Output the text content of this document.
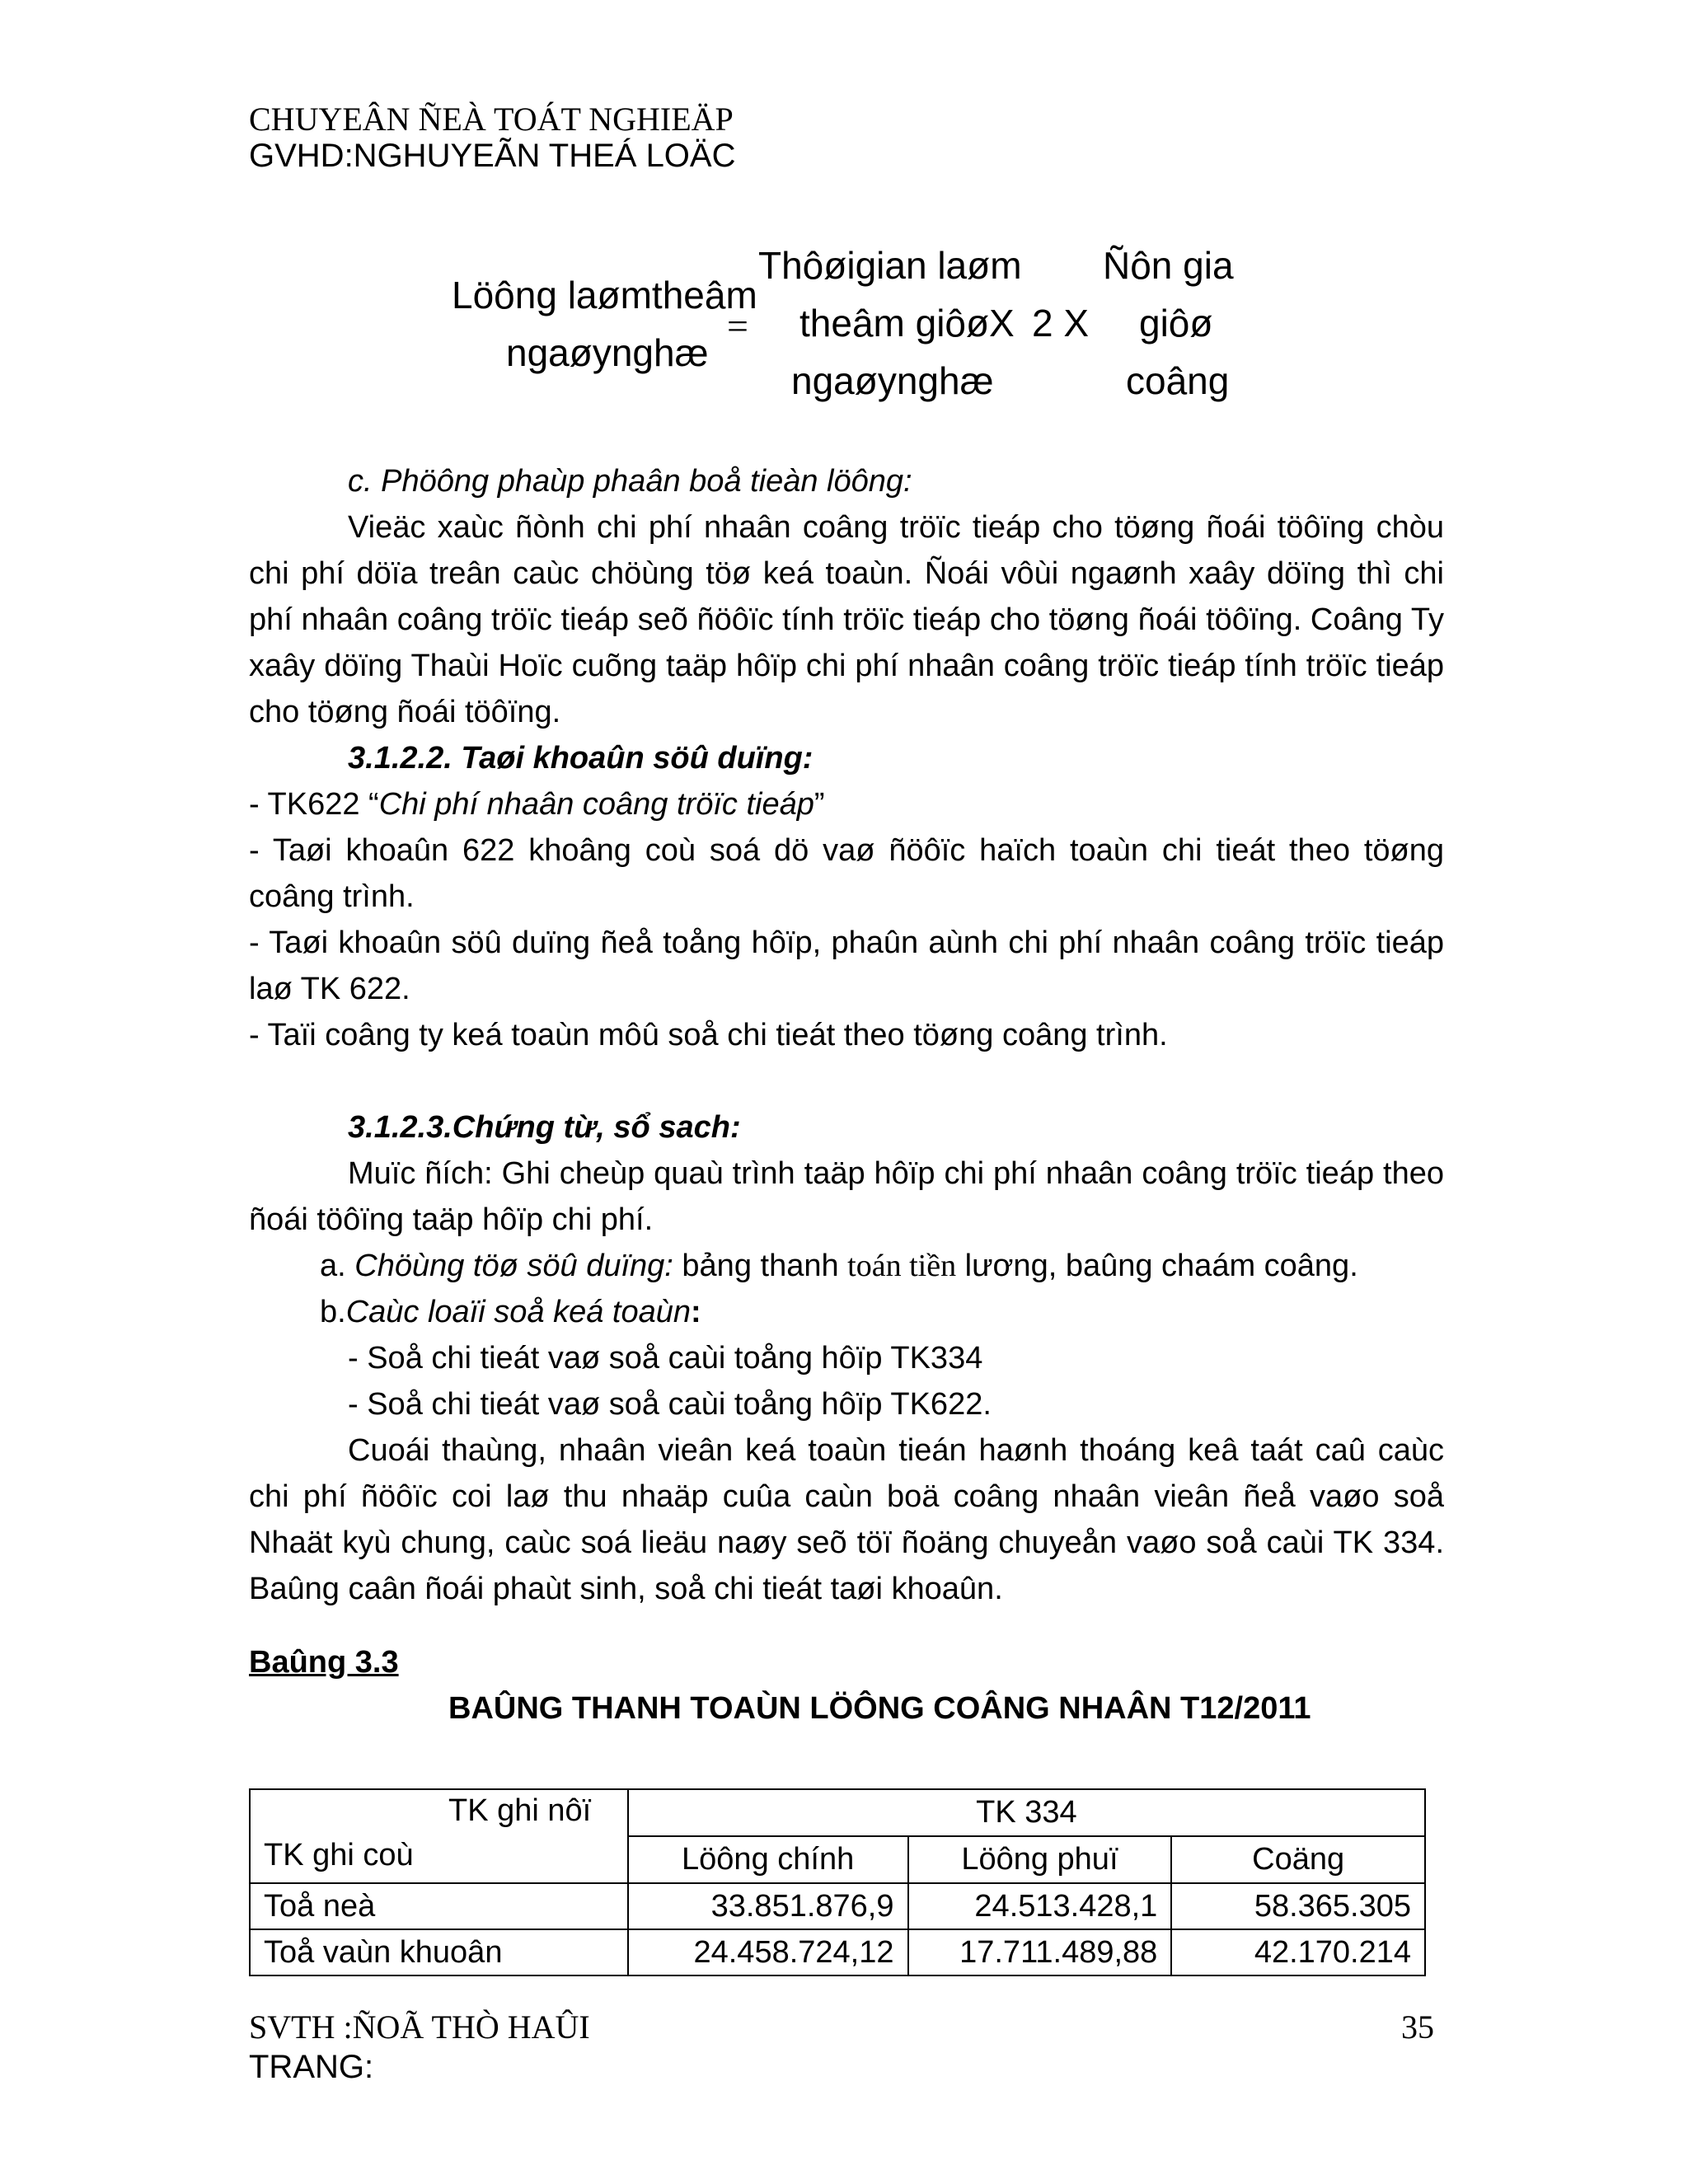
CHUYEÂN ÑEÀ TOÁT NGHIEÄP
GVHD:NGHUYEÃN THEÁ LOÄC
Löông laømtheâm
ngaøynghæ
=
Thôøigian laøm
theâm giôø X 2 X
ngaøynghæ
Ñôn gia
giôø
coâng
c. Phöông phaùp phaân boå tieàn löông:
Vieäc xaùc ñònh chi phí nhaân coâng tröïc tieáp cho töøng ñoái töôïng chòu chi phí döïa treân caùc chöùng töø keá toaùn. Ñoái vôùi ngaønh xaây döïng thì chi phí nhaân coâng tröïc tieáp seõ ñöôïc tính tröïc tieáp cho töøng ñoái töôïng. Coâng Ty xaây döïng Thaùi Hoïc cuõng taäp hôïp chi phí nhaân coâng tröïc tieáp tính tröïc tieáp cho töøng ñoái töôïng.
3.1.2.2. Taøi khoaûn söû duïng:
- TK622 “Chi phí nhaân coâng tröïc tieáp”
- Taøi khoaûn 622 khoâng coù soá dö vaø ñöôïc haïch toaùn chi tieát theo töøng coâng trình.
- Taøi khoaûn söû duïng ñeå toång hôïp, phaûn aùnh chi phí nhaân coâng tröïc tieáp laø TK 622.
- Taïi coâng ty keá toaùn môû soå chi tieát theo töøng coâng trình.
3.1.2.3.Chứng từ, sổ sach:
Muïc ñích: Ghi cheùp quaù trình taäp hôïp chi phí nhaân coâng tröïc tieáp theo ñoái töôïng taäp hôïp chi phí.
a. Chöùng töø söû duïng: bảng thanh toán tiền lương, baûng chaám coâng.
b.Caùc loaïi soå keá toaùn:
- Soå chi tieát vaø soå caùi toång hôïp TK334
- Soå chi tieát vaø soå caùi toång hôïp TK622.
Cuoái thaùng, nhaân vieân keá toaùn tieán haønh thoáng keâ taát caû caùc chi phí ñöôïc coi laø thu nhaäp cuûa caùn boä coâng nhaân vieân ñeå vaøo soå Nhaät kyù chung, caùc soá lieäu naøy seõ töï ñoäng chuyeån vaøo soå caùi TK 334. Baûng caân ñoái phaùt sinh, soå chi tieát taøi khoaûn.
Baûng 3.3
BAÛNG THANH TOAÙN LÖÔNG COÂNG NHAÂN T12/2011
TK ghi nôï
TK ghi coù	TK 334		
	Löông chính	Löông phuï	Coäng
Toå neà	33.851.876,9	24.513.428,1	58.365.305
Toå vaùn khuoân	24.458.724,12	17.711.489,88	42.170.214
SVTH :ÑOÃ THÒ HAÛI
TRANG:
35
